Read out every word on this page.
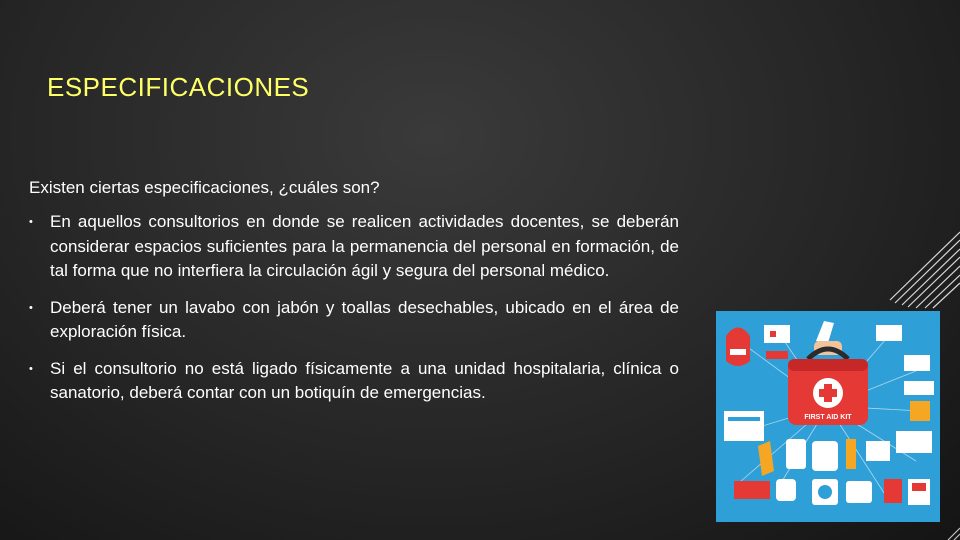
ESPECIFICACIONES
Existen ciertas especificaciones, ¿cuáles son?
• En aquellos consultorios en donde se realicen actividades docentes, se deberán considerar espacios suficientes para la permanencia del personal en formación, de tal forma que no interfiera la circulación ágil y segura del personal médico.
• Deberá tener un lavabo con jabón y toallas desechables, ubicado en el área de exploración física.
• Si el consultorio no está ligado físicamente a una unidad hospitalaria, clínica o sanatorio, deberá contar con un botiquín de emergencias.
FIRST AID KIT
